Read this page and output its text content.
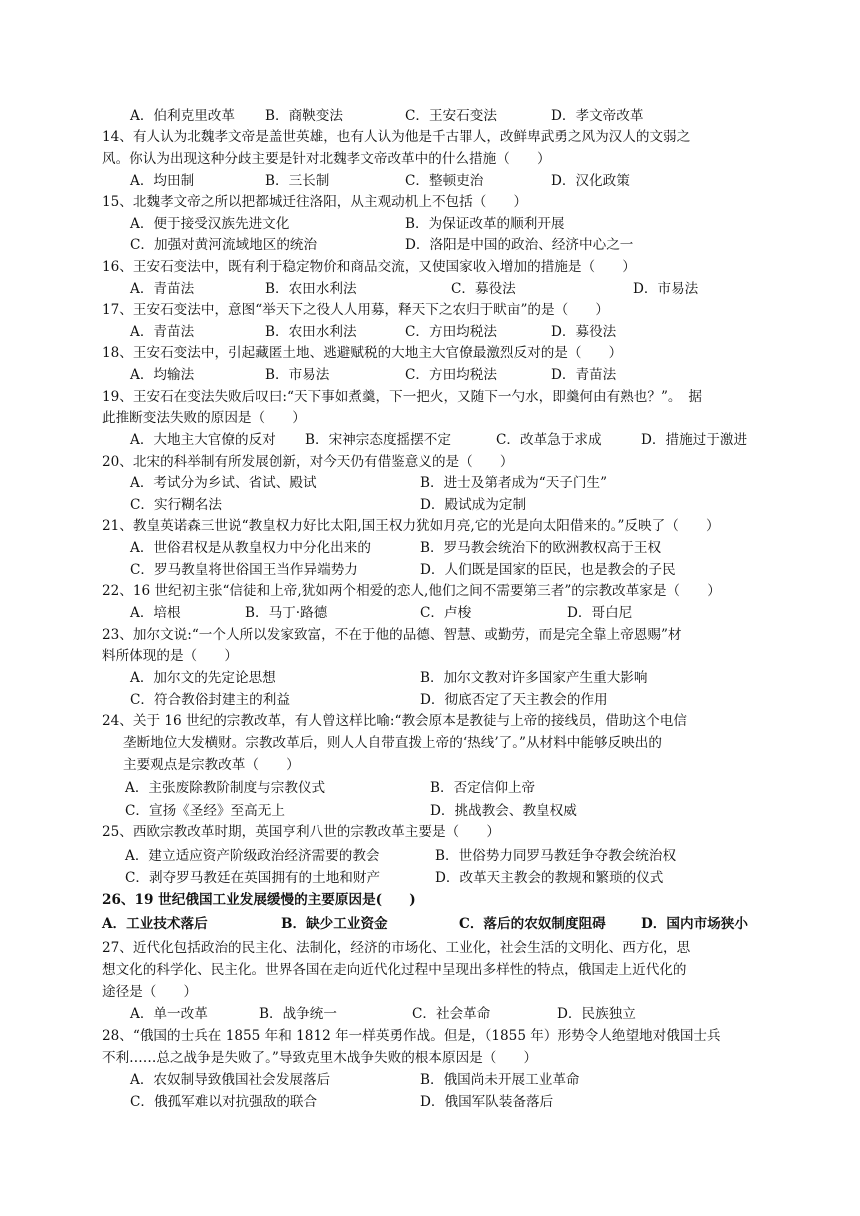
A．伯利克里改革 B．商鞅变法	C．王安石变法	D．孝文帝改革
14、有人认为北魏孝文帝是盖世英雄，也有人认为他是千古罪人，改鲜卑武勇之风为汉人的文弱之
风。你认为出现这种分歧主要是针对北魏孝文帝改革中的什么措施（　　）
A．均田制	B．三长制	C．整顿吏治	D．汉化政策
15、北魏孝文帝之所以把都城迁往洛阳，从主观动机上不包括（　　）
A．便于接受汉族先进文化	B．为保证改革的顺利开展
C．加强对黄河流域地区的统治	D．洛阳是中国的政治、经济中心之一
16、王安石变法中，既有利于稳定物价和商品交流，又使国家收入增加的措施是（　　）
A．青苗法	B．农田水利法	C．募役法	D．市易法
17、王安石变法中，意图“举天下之役人人用募，释天下之农归于畎亩”的是（　　）
A．青苗法	B．农田水利法	C．方田均税法	D．募役法
18、王安石变法中，引起藏匿土地、逃避赋税的大地主大官僚最激烈反对的是（　　）
A．均输法	B．市易法	C．方田均税法	D．青苗法
19、王安石在变法失败后叹曰:“天下事如煮羹，下一把火，又随下一勺水，即羹何由有熟也？”。　据
此推断变法失败的原因是（　　）
A．大地主大官僚的反对 B．宋神宗态度摇摆不定	C．改革急于求成	D．措施过于激进
20、北宋的科举制有所发展创新，对今天仍有借鉴意义的是（　　）
A．考试分为乡试、省试、殿试	B．进士及第者成为“天子门生”
C．实行糊名法	D．殿试成为定制
21、教皇英诺森三世说“教皇权力好比太阳,国王权力犹如月亮,它的光是向太阳借来的。”反映了（　　）
A．世俗君权是从教皇权力中分化出来的	B．罗马教会统治下的欧洲教权高于王权
C．罗马教皇将世俗国王当作异端势力	D．人们既是国家的臣民，也是教会的子民
22、16 世纪初主张“信徒和上帝,犹如两个相爱的恋人,他们之间不需要第三者”的宗教改革家是（　　）
A．培根	B．马丁·路德	C．卢梭	D．哥白尼
23、加尔文说:“一个人所以发家致富，不在于他的品德、智慧、或勤劳，而是完全靠上帝恩赐”材
料所体现的是（　　）
A．加尔文的先定论思想	B．加尔文教对许多国家产生重大影响
C．符合教俗封建主的利益	D．彻底否定了天主教会的作用
24、关于 16 世纪的宗教改革，有人曾这样比喻:“教会原本是教徒与上帝的接线员，借助这个电信
垄断地位大发横财。宗教改革后，则人人自带直拨上帝的‘热线’了。”从材料中能够反映出的
主要观点是宗教改革（　　）
A．主张废除教阶制度与宗教仪式	B．否定信仰上帝
C．宣扬《圣经》至高无上	D．挑战教会、教皇权威
25、西欧宗教改革时期，英国亨利八世的宗教改革主要是（　　）
A．建立适应资产阶级政治经济需要的教会	B．世俗势力同罗马教廷争夺教会统治权
C．剥夺罗马教廷在英国拥有的土地和财产	D．改革天主教会的教规和繁琐的仪式
26、19 世纪俄国工业发展缓慢的主要原因是(　　)
A．工业技术落后	B．缺少工业资金	C．落后的农奴制度阻碍	D．国内市场狭小
27、近代化包括政治的民主化、法制化，经济的市场化、工业化，社会生活的文明化、西方化，思
想文化的科学化、民主化。世界各国在走向近代化过程中呈现出多样性的特点，俄国走上近代化的
途径是（　　）
A．单一改革	B．战争统一	C．社会革命	D．民族独立
28、“俄国的士兵在 1855 年和 1812 年一样英勇作战。但是，（1855 年）形势令人绝望地对俄国士兵
不利……总之战争是失败了。”导致克里木战争失败的根本原因是（　　）
A．农奴制导致俄国社会发展落后	B．俄国尚未开展工业革命
C．俄孤军难以对抗强敌的联合	D．俄国军队装备落后
